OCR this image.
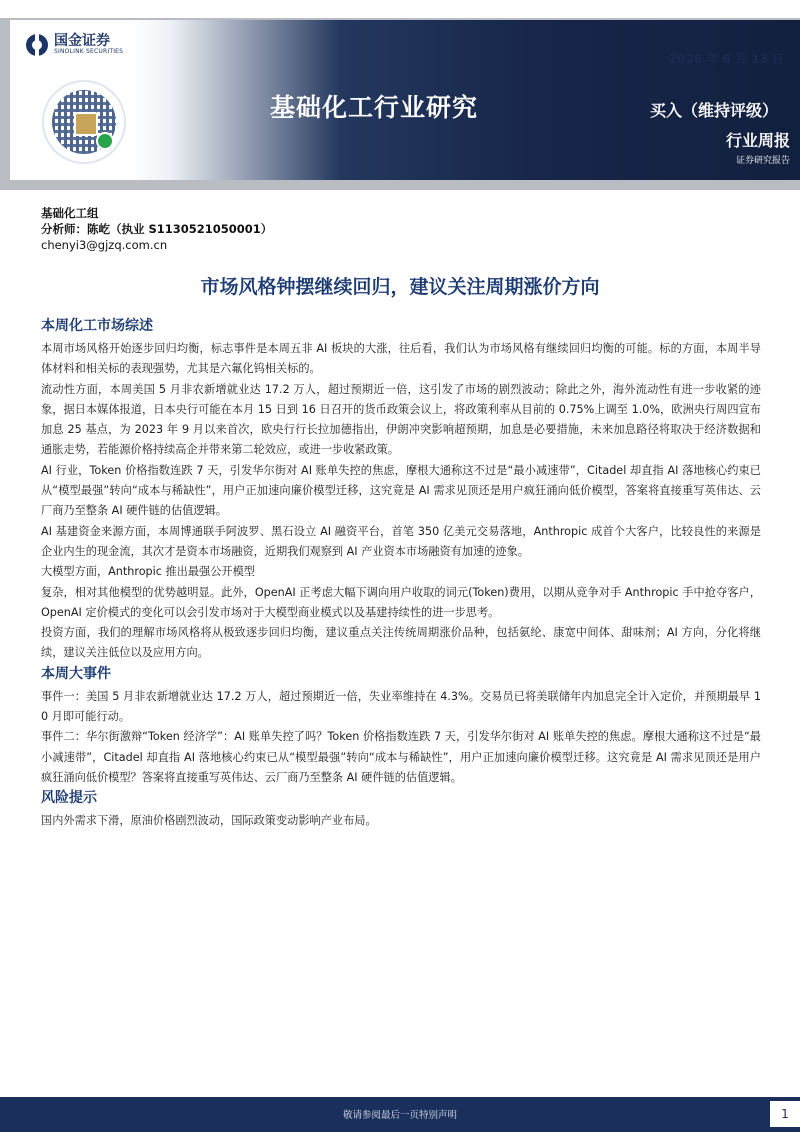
国金证券
SINOLINK SECURITIES
2026 年 6 月 13 日
基础化工行业研究	买入（维持评级）
行业周报
证券研究报告
基础化工组
分析师：陈屹（执业 S1130521050001）
chenyi3@gjzq.com.cn
市场风格钟摆继续回归，建议关注周期涨价方向
本周化工市场综述

本周市场风格开始逐步回归均衡，标志事件是本周五非 AI 板块的大涨，往后看，我们认为市场风格有继续回归均衡的可能。标的方面，本周半导体材料和相关标的表现强势，尤其是六氟化钨相关标的。

流动性方面，本周美国 5 月非农新增就业达 17.2 万人，超过预期近一倍，这引发了市场的剧烈波动；除此之外，海外流动性有进一步收紧的迹象，据日本媒体报道，日本央行可能在本月 15 日到 16 日召开的货币政策会议上，将政策利率从目前的 0.75%上调至 1.0%，欧洲央行周四宣布加息 25 基点，为 2023 年 9 月以来首次，欧央行行长拉加德指出，伊朗冲突影响超预期，加息是必要措施，未来加息路径将取决于经济数据和通胀走势，若能源价格持续高企并带来第二轮效应，或进一步收紧政策。

AI 行业，Token 价格指数连跌 7 天，引发华尔街对 AI 账单失控的焦虑，摩根大通称这不过是“最小减速带”，Citadel 却直指 AI 落地核心约束已从“模型最强”转向“成本与稀缺性”，用户正加速向廉价模型迁移，这究竟是 AI 需求见顶还是用户疯狂涌向低价模型，答案将直接重写英伟达、云厂商乃至整条 AI 硬件链的估值逻辑。

AI 基建资金来源方面，本周博通联手阿波罗、黑石设立 AI 融资平台，首笔 350 亿美元交易落地，Anthropic 成首个大客户，比较良性的来源是企业内生的现金流，其次才是资本市场融资，近期我们观察到 AI 产业资本市场融资有加速的迹象。

大模型方面，Anthropic 推出最强公开模型

复杂，相对其他模型的优势越明显。此外，OpenAI 正考虑大幅下调向用户收取的词元(Token)费用，以期从竞争对手 Anthropic 手中抢夺客户，OpenAI 定价模式的变化可以会引发市场对于大模型商业模式以及基建持续性的进一步思考。

投资方面，我们的理解市场风格将从极致逐步回归均衡，建议重点关注传统周期涨价品种，包括氨纶、康宽中间体、甜味剂；AI 方向，分化将继续，建议关注低位以及应用方向。

本周大事件

事件一：美国 5 月非农新增就业达 17.2 万人，超过预期近一倍，失业率维持在 4.3%。交易员已将美联储年内加息完全计入定价，并预期最早 10 月即可能行动。

事件二：华尔街激辩“Token 经济学”：AI 账单失控了吗？Token 价格指数连跌 7 天，引发华尔街对 AI 账单失控的焦虑。摩根大通称这不过是“最小减速带”，Citadel 却直指 AI 落地核心约束已从“模型最强”转向“成本与稀缺性”，用户正加速向廉价模型迁移。这究竟是 AI 需求见顶还是用户疯狂涌向低价模型？答案将直接重写英伟达、云厂商乃至整条 AI 硬件链的估值逻辑。

风险提示

国内外需求下滑，原油价格剧烈波动，国际政策变动影响产业布局。

敬请参阅最后一页特别声明	1
